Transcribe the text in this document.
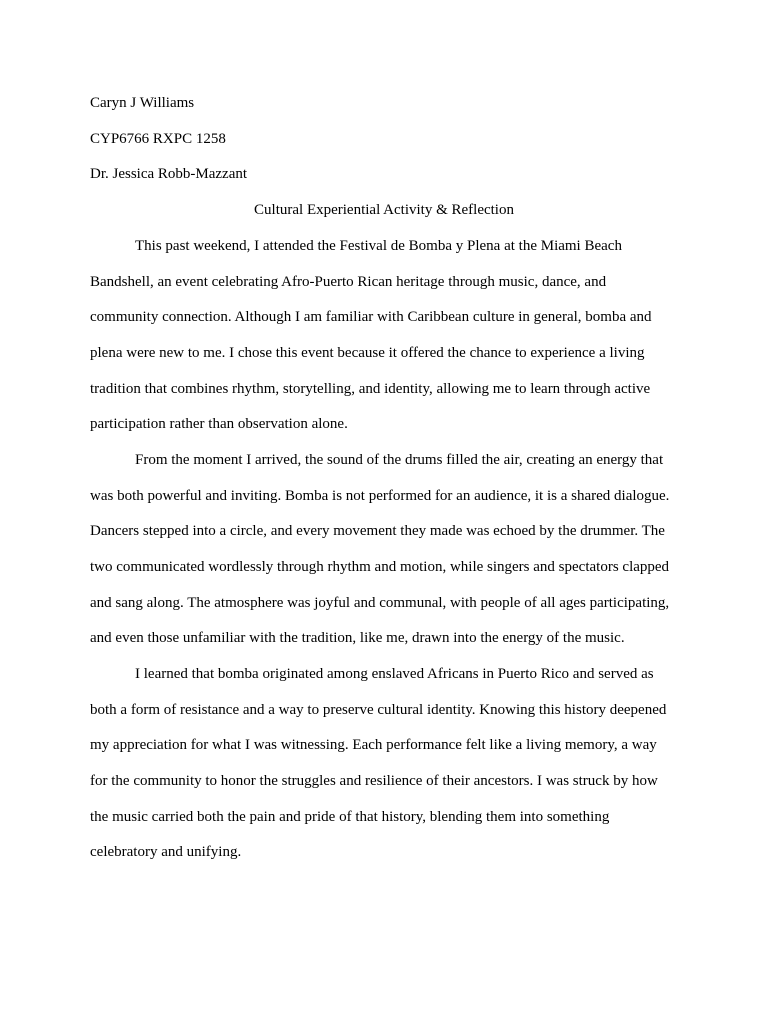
Caryn J Williams
CYP6766 RXPC 1258
Dr. Jessica Robb-Mazzant
Cultural Experiential Activity & Reflection
This past weekend, I attended the Festival de Bomba y Plena at the Miami Beach
Bandshell, an event celebrating Afro-Puerto Rican heritage through music, dance, and
community connection. Although I am familiar with Caribbean culture in general, bomba and
plena were new to me. I chose this event because it offered the chance to experience a living
tradition that combines rhythm, storytelling, and identity, allowing me to learn through active
participation rather than observation alone.
From the moment I arrived, the sound of the drums filled the air, creating an energy that
was both powerful and inviting. Bomba is not performed for an audience, it is a shared dialogue.
Dancers stepped into a circle, and every movement they made was echoed by the drummer. The
two communicated wordlessly through rhythm and motion, while singers and spectators clapped
and sang along. The atmosphere was joyful and communal, with people of all ages participating,
and even those unfamiliar with the tradition, like me, drawn into the energy of the music.
I learned that bomba originated among enslaved Africans in Puerto Rico and served as
both a form of resistance and a way to preserve cultural identity. Knowing this history deepened
my appreciation for what I was witnessing. Each performance felt like a living memory, a way
for the community to honor the struggles and resilience of their ancestors. I was struck by how
the music carried both the pain and pride of that history, blending them into something
celebratory and unifying.
